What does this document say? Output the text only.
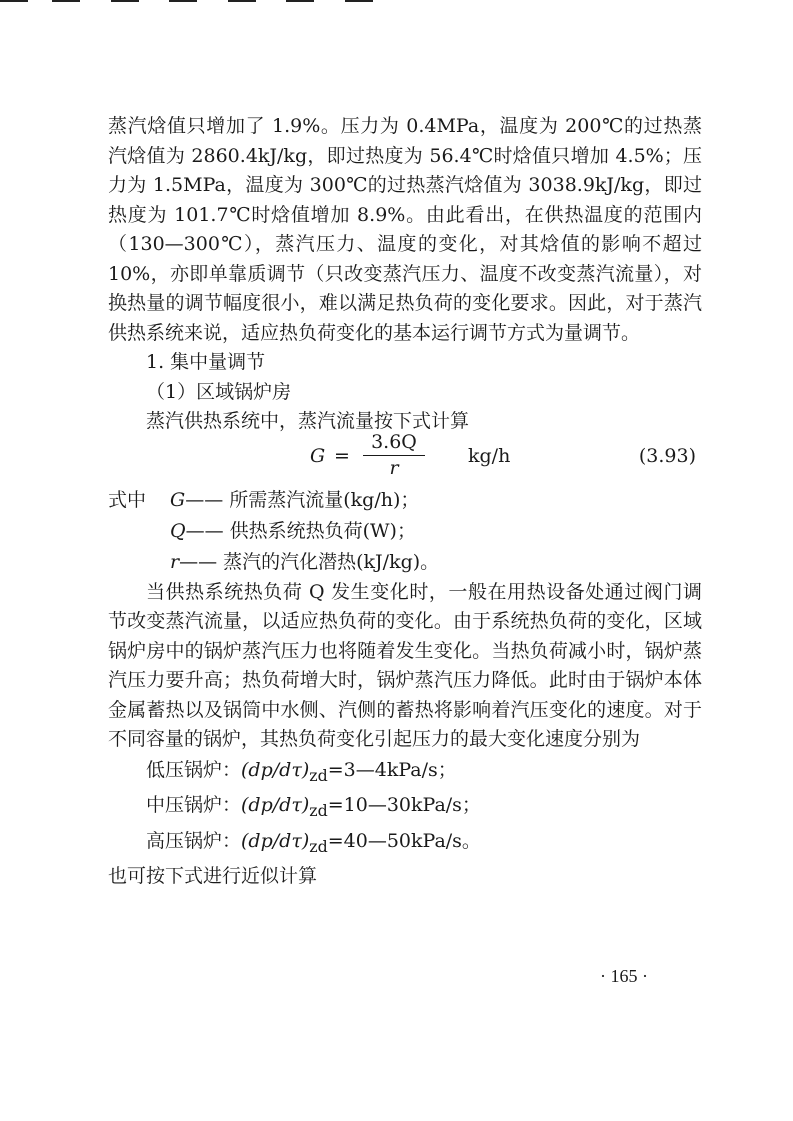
蒸汽焓值只增加了 1.9%。压力为 0.4MPa，温度为 200℃的过热蒸汽焓值为 2860.4kJ/kg，即过热度为 56.4℃时焓值只增加 4.5%；压力为 1.5MPa，温度为 300℃的过热蒸汽焓值为 3038.9kJ/kg，即过热度为 101.7℃时焓值增加 8.9%。由此看出，在供热温度的范围内（130—300℃），蒸汽压力、温度的变化，对其焓值的影响不超过 10%，亦即单靠质调节（只改变蒸汽压力、温度不改变蒸汽流量），对换热量的调节幅度很小，难以满足热负荷的变化要求。因此，对于蒸汽供热系统来说，适应热负荷变化的基本运行调节方式为量调节。

1. 集中量调节

（1）区域锅炉房

蒸汽供热系统中，蒸汽流量按下式计算

$G = \frac{3.6Q}{r} kg/h$	(3.93)

式中 G—— 所需蒸汽流量(kg/h)；

Q—— 供热系统热负荷(W)；

r—— 蒸汽的汽化潜热(kJ/kg)。

当供热系统热负荷 Q 发生变化时，一般在用热设备处通过阀门调节改变蒸汽流量，以适应热负荷的变化。由于系统热负荷的变化，区域锅炉房中的锅炉蒸汽压力也将随着发生变化。当热负荷减小时，锅炉蒸汽压力要升高；热负荷增大时，锅炉蒸汽压力降低。此时由于锅炉本体金属蓄热以及锅筒中水侧、汽侧的蓄热将影响着汽压变化的速度。对于不同容量的锅炉，其热负荷变化引起压力的最大变化速度分别为

低压锅炉：$(dp/d\tau)_{zd}=3—4kPa/s$；

中压锅炉：$(dp/d\tau)_{zd}=10—30kPa/s$；

高压锅炉：$(dp/d\tau)_{zd}=40—50kPa/s$。

也可按下式进行近似计算

· 165 ·
